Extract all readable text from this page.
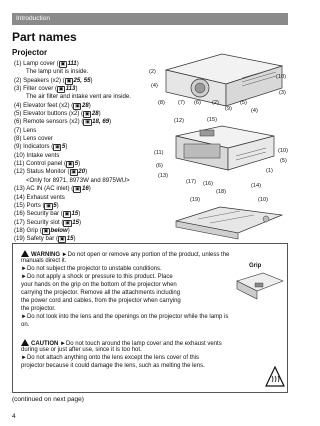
Introduction
Part names
Projector
(1) Lamp cover ( ▣ 111)
The lamp unit is inside.
(2) Speakers (x2) ( ▣ 25, 55)
(3) Filter cover ( ▣ 113)
The air filter and intake vent are inside.
(4) Elevator feet (x2) ( ▣ 28)
(5) Elevator buttons (x2) ( ▣ 28)
(6) Remote sensors (x2) ( ▣ 18, 69)
(7) Lens
(8) Lens cover
(9) Indicators ( ▣ 5)
(10) Intake vents
(11) Control panel ( ▣ 5)
(12) Status Monitor ( ▣ 20)
<Only for 8971, 8973W and 8975WU>
(13) AC IN (AC inlet) ( ▣ 16)
(14) Exhaust vents
(15) Ports ( ▣ 5)
(16) Security bar ( ▣ 15)
(17) Security slot ( ▣ 15)
(18) Grip ( ▣ below)
(19) Safety bar ( ▣ 15)
(2)
(10)
(4)
(3)
(8) (7) (6) (2)	(5)
(9)	(4)
(12)	(15)
(11)	(10)
(6)
(5)
(1)
(13)
(17) (16)	(14)
(18)
(19)	(10)
WARNING ►Do not open or remove any portion of the product, unless the
manuals direct it.
►Do not subject the projector to unstable conditions.
►Do not apply a shock or pressure to this product. Place
your hands on the grip on the bottom of the projector when
carrying the projector. Remove all the attachments including
the power cord and cables, from the projector when carrying
the projector.
►Do not look into the lens and the openings on the projector while the lamp is
on.
Grip
CAUTION ►Do not touch around the lamp cover and the exhaust vents
during use or just after use, since it is too hot.
►Do not attach anything onto the lens except the lens cover of this
projector because it could damage the lens, such as melting the lens.
(continued on next page)
4
